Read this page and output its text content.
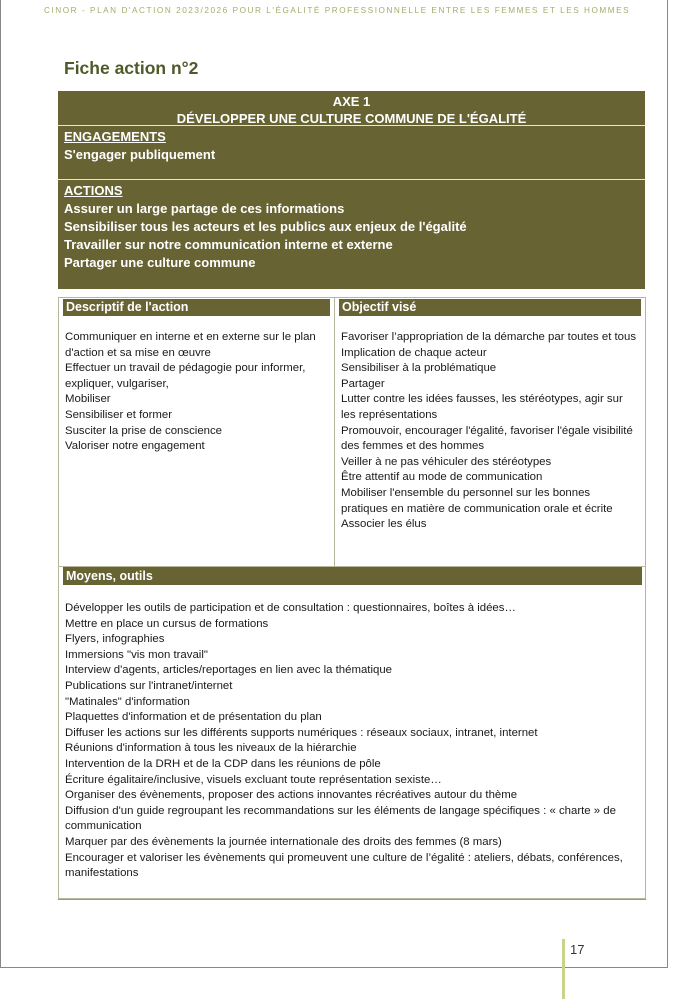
CINOR - PLAN D'ACTION 2023/2026 POUR L'ÉGALITÉ PROFESSIONNELLE ENTRE LES FEMMES ET LES HOMMES
Fiche action n°2
AXE 1
DÉVELOPPER UNE CULTURE COMMUNE DE L'ÉGALITÉ
ENGAGEMENTS
S'engager publiquement
ACTIONS
Assurer un large partage de ces informations
Sensibiliser tous les acteurs et les publics aux enjeux de l'égalité
Travailler sur notre communication interne et externe
Partager une culture commune
Descriptif de l'action
Communiquer en interne et en externe sur le plan d'action et sa mise en œuvre
Effectuer un travail de pédagogie pour informer, expliquer, vulgariser,
Mobiliser
Sensibiliser et former
Susciter la prise de conscience
Valoriser notre engagement
Objectif visé
Favoriser l’appropriation de la démarche par toutes et tous
Implication de chaque acteur
Sensibiliser à la problématique
Partager
Lutter contre les idées fausses, les stéréotypes, agir sur les représentations
Promouvoir, encourager l'égalité, favoriser l'égale visibilité des femmes et des hommes
Veiller à ne pas véhiculer des stéréotypes
Être attentif au mode de communication
Mobiliser l'ensemble du personnel sur les bonnes pratiques en matière de communication orale et écrite
Associer les élus
Moyens, outils
Développer les outils de participation et de consultation : questionnaires, boîtes à idées…
Mettre en place un cursus de formations
Flyers, infographies
Immersions "vis mon travail"
Interview d'agents, articles/reportages en lien avec la thématique
Publications sur l'intranet/internet
"Matinales" d'information
Plaquettes d'information et de présentation du plan
Diffuser les actions sur les différents supports numériques : réseaux sociaux, intranet, internet
Réunions d'information à tous les niveaux de la hiérarchie
Intervention de la DRH et de la CDP dans les réunions de pôle
Écriture égalitaire/inclusive, visuels excluant toute représentation sexiste…
Organiser des évènements, proposer des actions innovantes récréatives autour du thème
Diffusion d'un guide regroupant les recommandations sur les éléments de langage spécifiques : « charte » de communication
Marquer par des évènements la journée internationale des droits des femmes (8 mars)
Encourager et valoriser les évènements qui promeuvent une culture de l’égalité : ateliers, débats, conférences, manifestations
17
